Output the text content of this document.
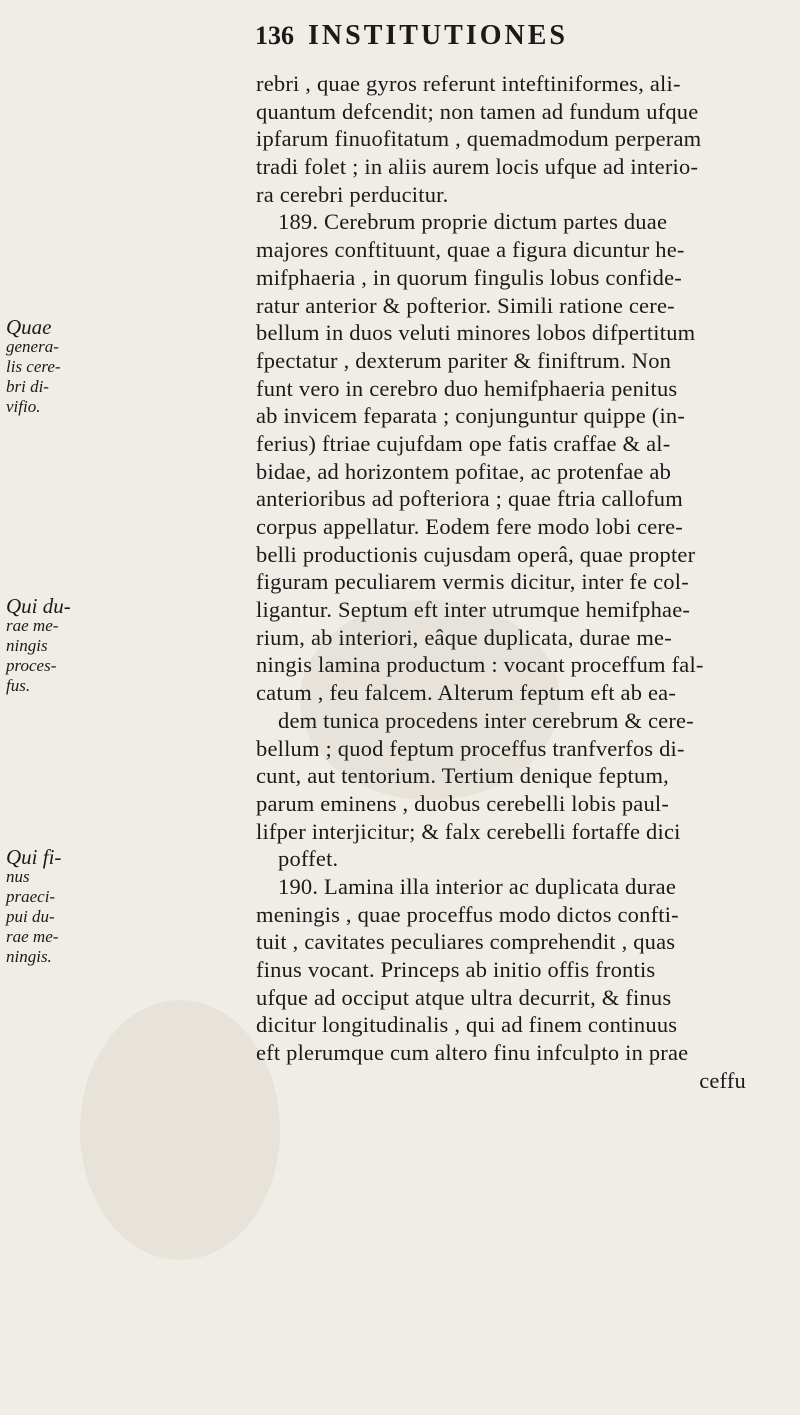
136 INSTITUTIONES
rebri , quae gyros referunt inteftiniformes, ali-
quantum defcendit; non tamen ad fundum ufque
ipfarum finuofitatum , quemadmodum perperam
tradi folet ; in aliis aurem locis ufque ad interio-
ra cerebri perducitur.
189. Cerebrum proprie dictum partes duae
majores conftituunt, quae a figura dicuntur he-
mifphaeria , in quorum fingulis lobus confide-
ratur anterior & pofterior. Simili ratione cere-
bellum in duos veluti minores lobos difpertitum
fpectatur , dexterum pariter & finiftrum. Non
funt vero in cerebro duo hemifphaeria penitus
ab invicem feparata ; conjunguntur quippe (in-
ferius) ftriae cujufdam ope fatis craffae & al-
bidae, ad horizontem pofitae, ac protenfae ab
anterioribus ad pofteriora ; quae ftria callofum
corpus appellatur. Eodem fere modo lobi cere-
belli productionis cujusdam operâ, quae propter
figuram peculiarem vermis dicitur, inter fe col-
ligantur. Septum eft inter utrumque hemifphae-
rium, ab interiori, eâque duplicata, durae me-
ningis lamina productum : vocant proceffum fal-
catum , feu falcem. Alterum feptum eft ab ea-
dem tunica procedens inter cerebrum & cere-
bellum ; quod feptum proceffus tranfverfos di-
cunt, aut tentorium. Tertium denique feptum,
parum eminens , duobus cerebelli lobis paul-
lifper interjicitur; & falx cerebelli fortaffe dici
poffet.
190. Lamina illa interior ac duplicata durae
meningis , quae proceffus modo dictos confti-
tuit , cavitates peculiares comprehendit , quas
finus vocant. Princeps ab initio offis frontis
ufque ad occiput atque ultra decurrit, & finus
dicitur longitudinalis , qui ad finem continuus
eft plerumque cum altero finu infculpto in prae
ceffu
Quae
genera-
lis cere-
bri di-
vifio.
Qui du-
rae me-
ningis
proces-
fus.
Qui fi-
nus
praeci-
pui du-
rae me-
ningis.
